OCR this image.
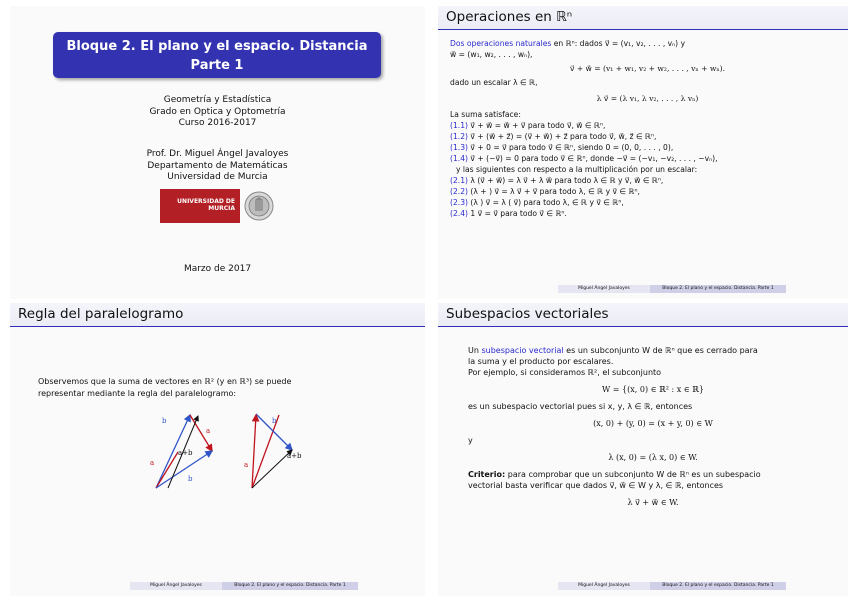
Bloque 2. El plano y el espacio. Distancia
Parte 1
Geometría y Estadística
Grado en Optica y Optometría
Curso 2016-2017
Prof. Dr. Miguel Ángel Javaloyes
Departamento de Matemáticas
Universidad de Murcia
UNIVERSIDAD DE
MURCIA
Marzo de 2017
Operaciones en ℝⁿ
Dos operaciones naturales en ℝⁿ: dados v⃗ = (v₁, v₂, . . . , vₙ) y
w⃗ = (w₁, w₂, . . . , wₙ),
v⃗ + w⃗ = (v₁ + w₁, v₂ + w₂, . . . , vₙ + wₙ).
dado un escalar λ ∈ ℝ,
λ v⃗ = (λ v₁, λ v₂, . . . , λ vₙ)
La suma satisface:
(1.1) v⃗ + w⃗ = w⃗ + v⃗ para todo v⃗, w⃗ ∈ ℝⁿ,
(1.2) v⃗ + (w⃗ + z⃗) = (v⃗ + w⃗) + z⃗ para todo v⃗, w⃗, z⃗ ∈ ℝⁿ,
(1.3) v⃗ + 0 = v⃗ para todo v⃗ ∈ ℝⁿ, siendo 0 = (0, 0, . . . , 0),
(1.4) v⃗ + (−v⃗) = 0 para todo v⃗ ∈ ℝⁿ, donde −v⃗ = (−v₁, −v₂, . . . , −vₙ),
y las siguientes con respecto a la multiplicación por un escalar:
(2.1) λ (v⃗ + w⃗) = λ v⃗ + λ w⃗ para todo λ ∈ ℝ y v⃗, w⃗ ∈ ℝⁿ,
(2.2) (λ + ) v⃗ = λ v⃗ + v⃗ para todo λ, ∈ ℝ y v⃗ ∈ ℝⁿ,
(2.3) (λ ) v⃗ = λ ( v⃗) para todo λ, ∈ ℝ y v⃗ ∈ ℝⁿ,
(2.4) 1 v⃗ = v⃗ para todo v⃗ ∈ ℝⁿ.
Miguel Ángel Javaloyes	Bloque 2. El plano y el espacio. Distancia. Parte 1
Regla del paralelogramo
Observemos que la suma de vectores en ℝ² (y en ℝ³) se puede
representar mediante la regla del paralelogramo:
b
a
a
b
a+b
b
a
a+b
Miguel Ángel Javaloyes	Bloque 2. El plano y el espacio. Distancia. Parte 1
Subespacios vectoriales
Un subespacio vectorial es un subconjunto W de ℝⁿ que es cerrado para
la suma y el producto por escalares.
Por ejemplo, si consideramos ℝ², el subconjunto
W = {(x, 0) ∈ ℝ² : x ∈ ℝ}
es un subespacio vectorial pues si x, y, λ ∈ ℝ, entonces
(x, 0) + (y, 0) = (x + y, 0) ∈ W
y
λ (x, 0) = (λ x, 0) ∈ W.
Criterio: para comprobar que un subconjunto W de ℝⁿ es un subespacio
vectorial basta verificar que dados v⃗, w⃗ ∈ W y λ, ∈ ℝ, entonces
λ v⃗ + w⃗ ∈ W.
Miguel Ángel Javaloyes	Bloque 2. El plano y el espacio. Distancia. Parte 1
